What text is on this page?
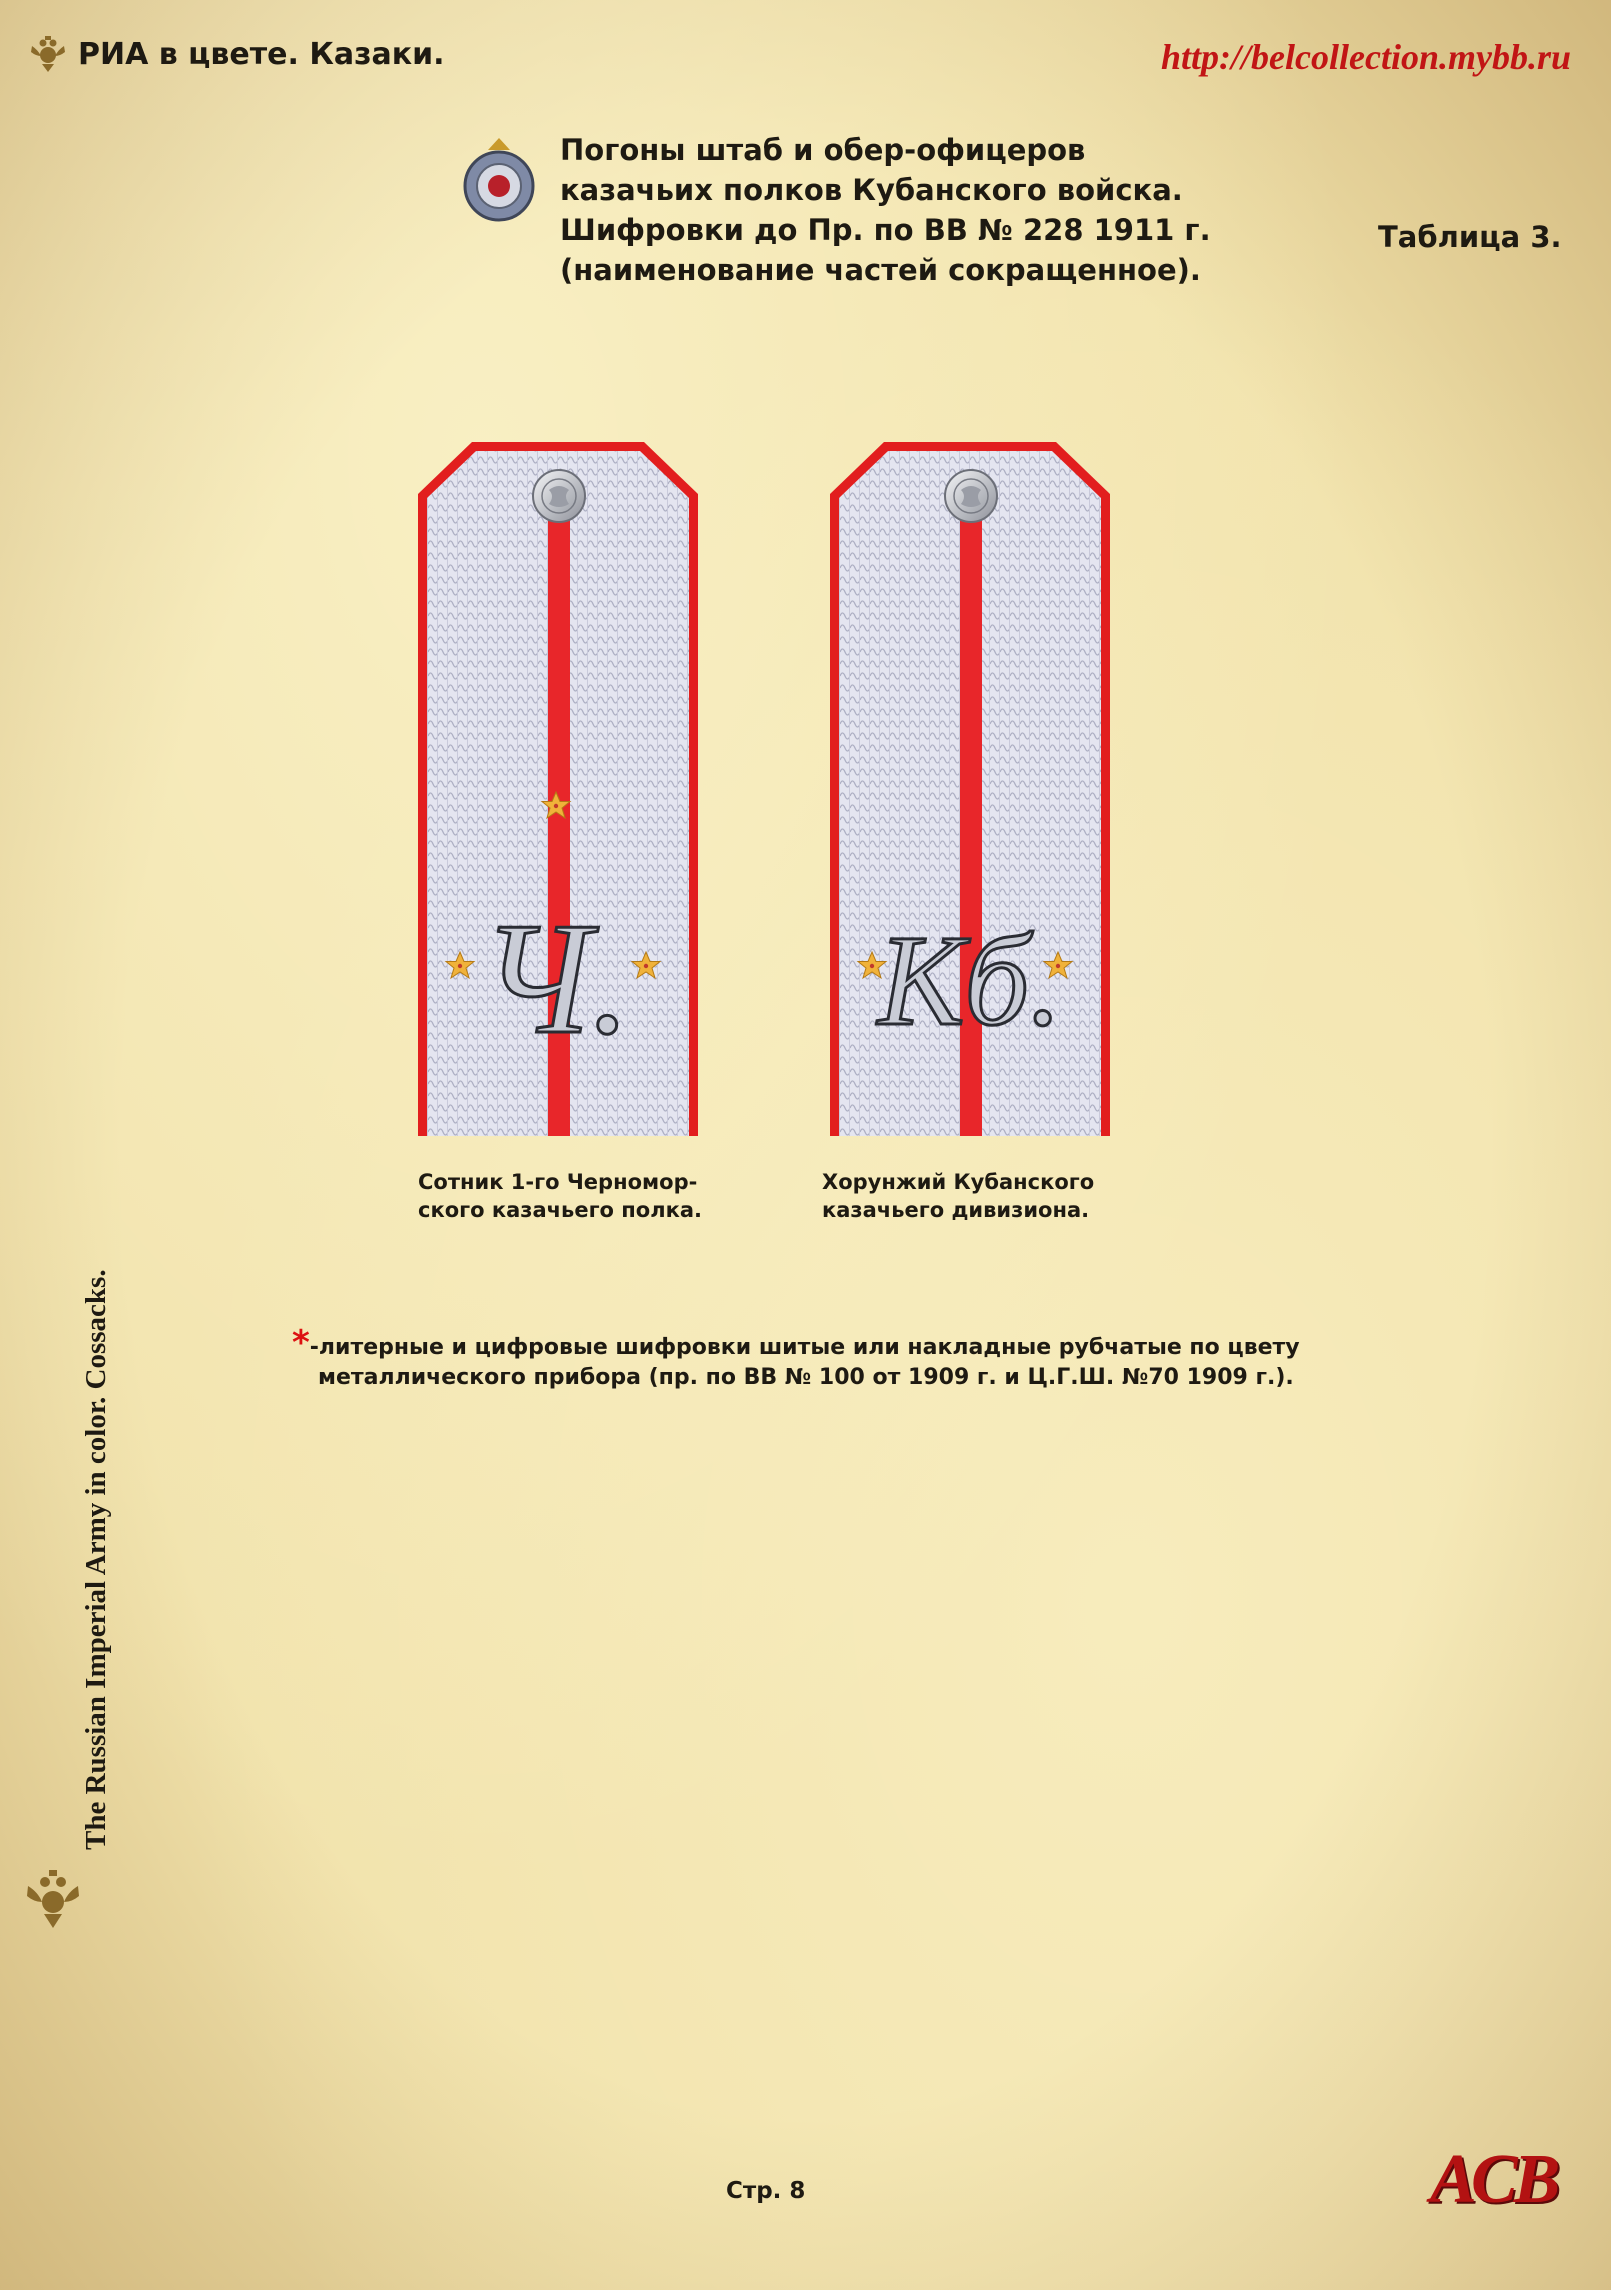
РИА в цвете. Казаки.	http://belcollection.mybb.ru
Погоны штаб и обер-офицеров
казачьих полков Кубанского войска.
Шифровки до Пр. по ВВ № 228 1911 г.
(наименование частей сокращенное).
Таблица 3.
Ч. Кб.
Сотник 1-го Черномор-
ского казачьего полка.
Хорунжий Кубанского
казачьего дивизиона.
*-литерные и цифровые шифровки шитые или накладные рубчатые по цвету
металлического прибора (пр. по ВВ № 100 от 1909 г. и Ц.Г.Ш. №70 1909 г.).
The Russian Imperial Army in color. Cossacks.
Стр. 8	АСВ
